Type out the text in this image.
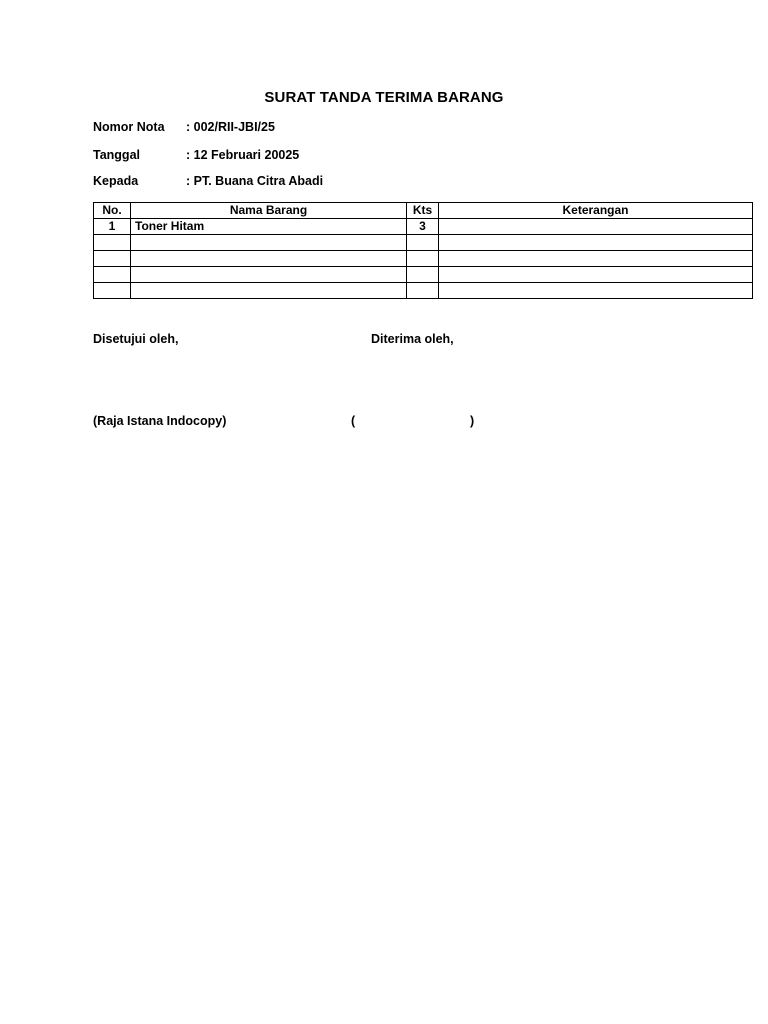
SURAT TANDA TERIMA BARANG
Nomor Nota : 002/RII-JBI/25
Tanggal	: 12 Februari 20025
Kepada	: PT. Buana Citra Abadi
No.	Nama Barang	Kts	Keterangan
1	Toner Hitam	3	

Disetujui oleh,	Diterima oleh,
(Raja Istana Indocopy)	(	)
